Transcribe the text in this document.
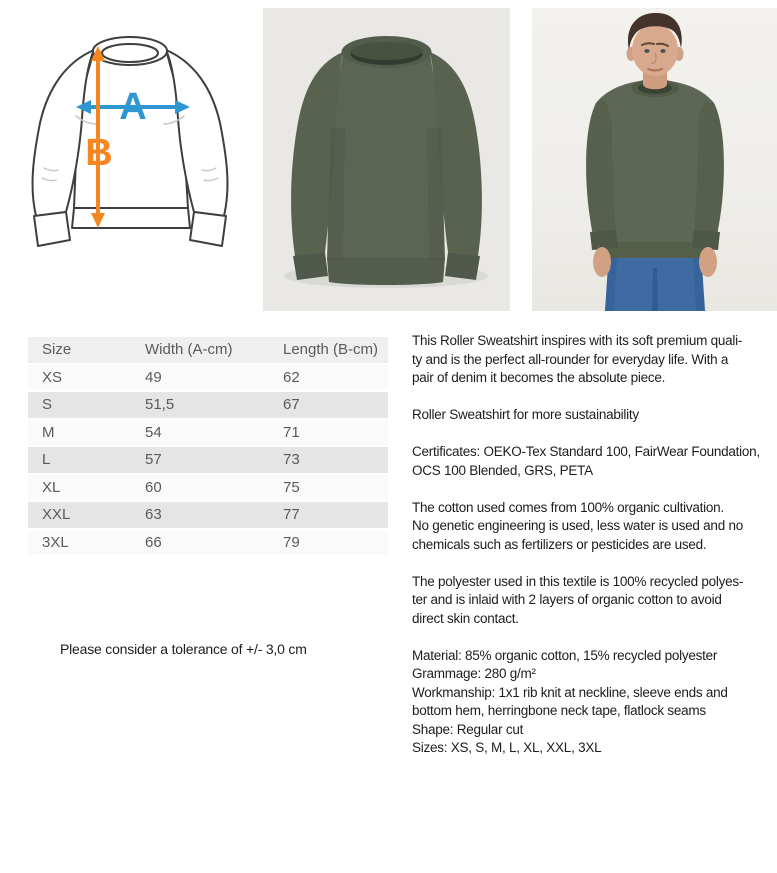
A
B
Size	Width (A-cm)	Length (B-cm)
XS	49	62
S	51,5	67
M	54	71
L	57	73
XL	60	75
XXL	63	77
3XL	66	79
Please consider a tolerance of +/- 3,0 cm
This Roller Sweatshirt inspires with its soft premium quali-
ty and is the perfect all-rounder for everyday life. With a
pair of denim it becomes the absolute piece.
Roller Sweatshirt for more sustainability
Certificates: OEKO-Tex Standard 100, FairWear Foundation,
OCS 100 Blended, GRS, PETA
The cotton used comes from 100% organic cultivation.
No genetic engineering is used, less water is used and no
chemicals such as fertilizers or pesticides are used.
The polyester used in this textile is 100% recycled polyes-
ter and is inlaid with 2 layers of organic cotton to avoid
direct skin contact.
Material: 85% organic cotton, 15% recycled polyester
Grammage: 280 g/m²
Workmanship: 1x1 rib knit at neckline, sleeve ends and
bottom hem, herringbone neck tape, flatlock seams
Shape: Regular cut
Sizes: XS, S, M, L, XL, XXL, 3XL
